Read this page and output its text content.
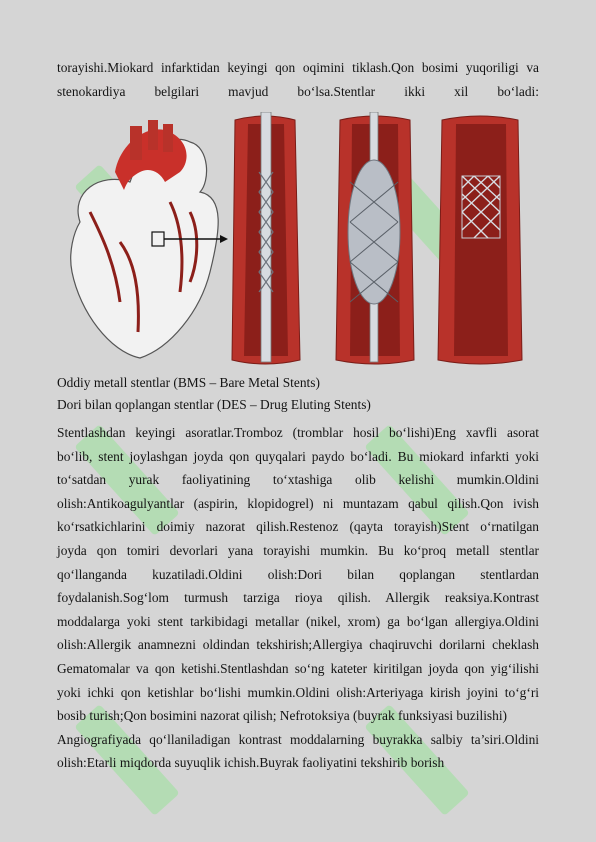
​

torayishi.Miokard infarktidan keyingi qon oqimini tiklash.Qon bosimi yuqoriligi va

stenokardiya belgilari mavjud bo‘lsa.Stentlar ikki xil bo‘ladi:

Oddiy metall stentlar (BMS – Bare Metal Stents)
Dori bilan qoplangan stentlar (DES – Drug Eluting Stents)

Stentlashdan keyingi asoratlar.Tromboz (tromblar hosil bo‘lishi)Eng xavfli asorat

bo‘lib, stent joylashgan joyda qon quyqalari paydo bo‘ladi. Bu miokard infarkti yoki

to‘satdan yurak faoliyatining to‘xtashiga olib kelishi mumkin.Oldini

olish:Antikoagulyantlar (aspirin, klopidogrel) ni muntazam qabul qilish.Qon ivish

ko‘rsatkichlarini doimiy nazorat qilish.Restenoz (qayta torayish)Stent o‘rnatilgan

joyda qon tomiri devorlari yana torayishi mumkin. Bu ko‘proq metall stentlar

qo‘llanganda kuzatiladi.Oldini olish:Dori bilan qoplangan stentlardan

foydalanish.Sog‘lom turmush tarziga rioya qilish. Allergik reaksiya.Kontrast

moddalarga yoki stent tarkibidagi metallar (nikel, xrom) ga bo‘lgan allergiya.Oldini

olish:Allergik anamnezni oldindan tekshirish;Allergiya chaqiruvchi dorilarni cheklash

Gematomalar va qon ketishi.Stentlashdan so‘ng kateter kiritilgan joyda qon yig‘ilishi

yoki ichki qon ketishlar bo‘lishi mumkin.Oldini olish:Arteriyaga kirish joyini to‘g‘ri

bosib turish;Qon bosimini nazorat qilish; Nefrotoksiya (buyrak funksiyasi buzilishi)

Angiografiyada qo‘llaniladigan kontrast moddalarning buyrakka salbiy ta’siri.Oldini

olish:Etarli miqdorda suyuqlik ichish.Buyrak faoliyatini tekshirib borish
